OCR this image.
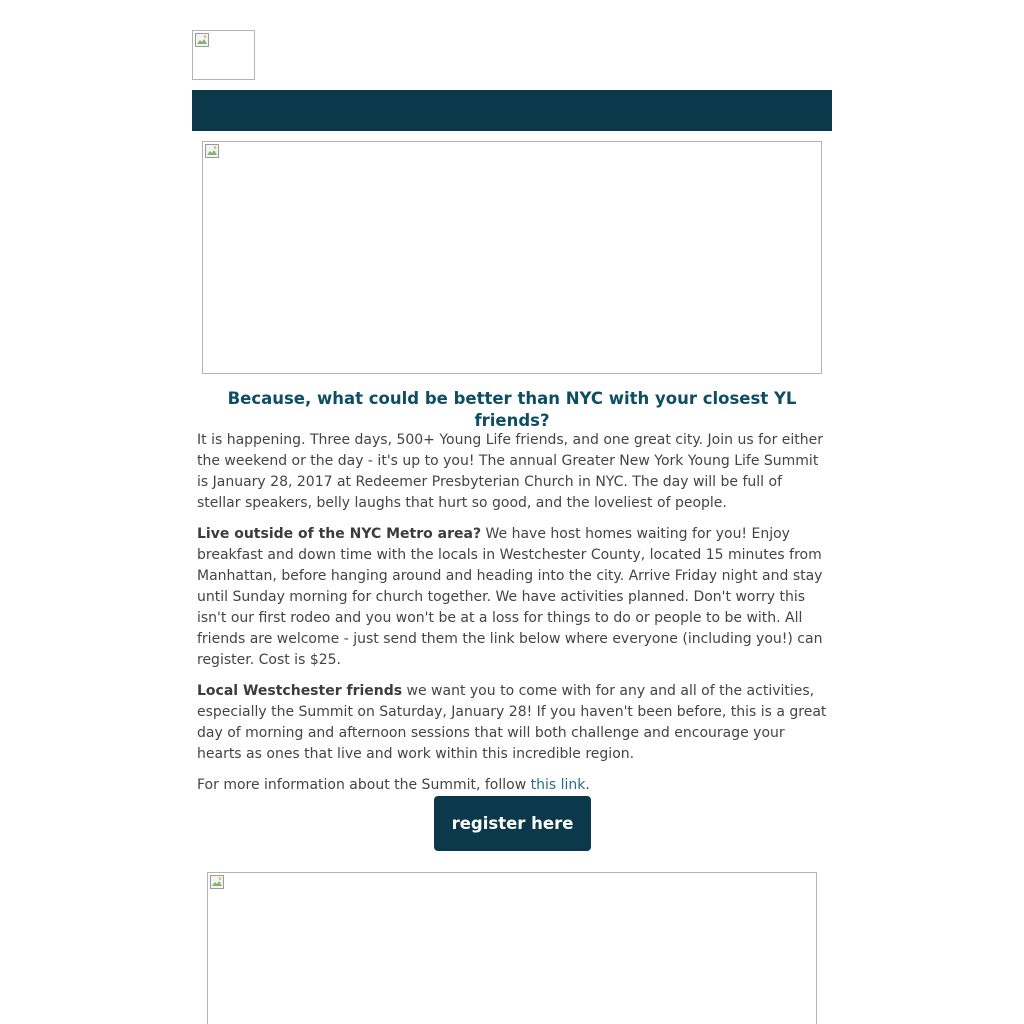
Because, what could be better than NYC with your closest YL friends?

It is happening. Three days, 500+ Young Life friends, and one great city. Join us for either the weekend or the day - it's up to you! The annual Greater New York Young Life Summit is January 28, 2017 at Redeemer Presbyterian Church in NYC. The day will be full of stellar speakers, belly laughs that hurt so good, and the loveliest of people.

Live outside of the NYC Metro area? We have host homes waiting for you! Enjoy breakfast and down time with the locals in Westchester County, located 15 minutes from Manhattan, before hanging around and heading into the city. Arrive Friday night and stay until Sunday morning for church together. We have activities planned. Don't worry this isn't our first rodeo and you won't be at a loss for things to do or people to be with. All friends are welcome - just send them the link below where everyone (including you!) can register. Cost is $25.

Local Westchester friends we want you to come with for any and all of the activities, especially the Summit on Saturday, January 28! If you haven't been before, this is a great day of morning and afternoon sessions that will both challenge and encourage your hearts as ones that live and work within this incredible region.

For more information about the Summit, follow this link.

register here
